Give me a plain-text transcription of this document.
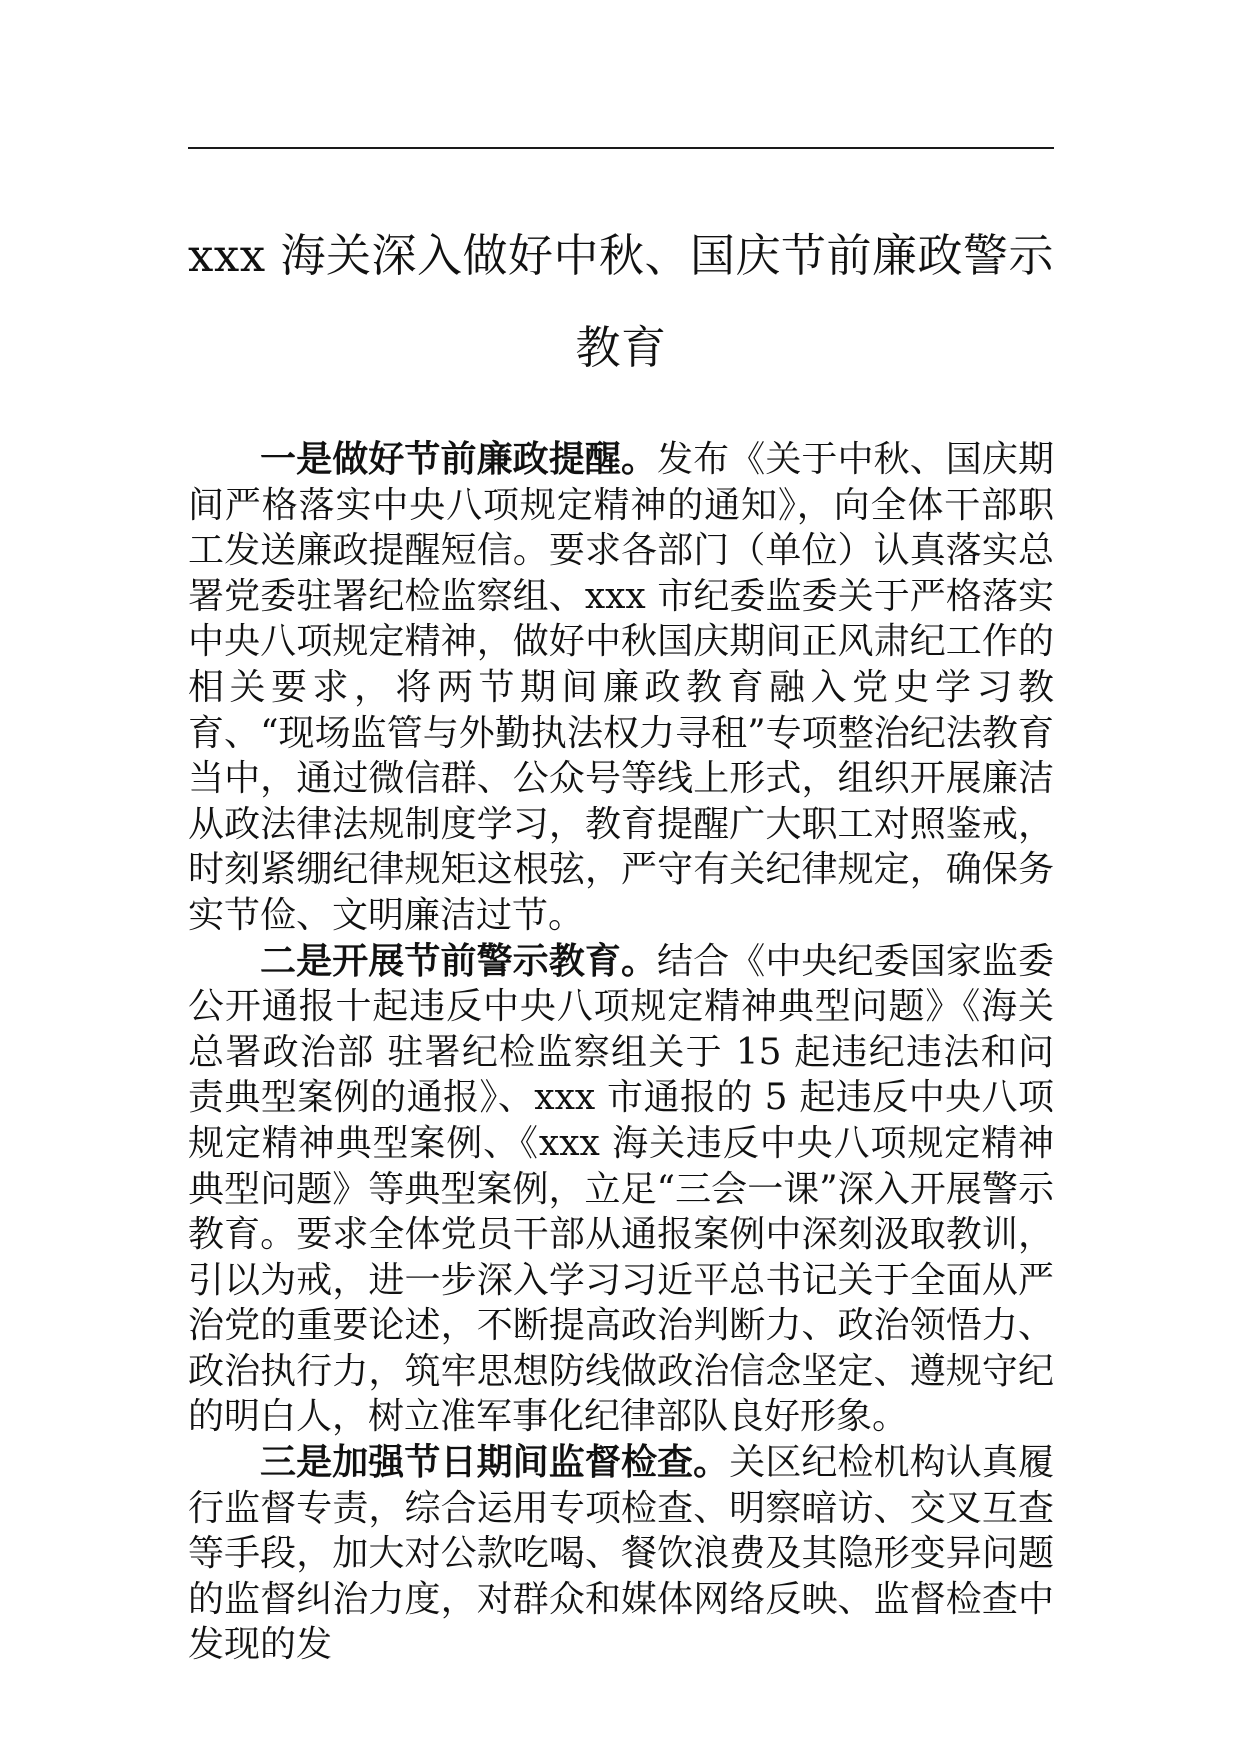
xxx 海关深入做好中秋、国庆节前廉政警示教育

一是做好节前廉政提醒。发布《关于中秋、国庆期间严格落实中央八项规定精神的通知》，向全体干部职工发送廉政提醒短信。要求各部门（单位）认真落实总署党委驻署纪检监察组、xxx 市纪委监委关于严格落实中央八项规定精神，做好中秋国庆期间正风肃纪工作的相关要求，将两节期间廉政教育融入党史学习教育、“现场监管与外勤执法权力寻租”专项整治纪法教育当中，通过微信群、公众号等线上形式，组织开展廉洁从政法律法规制度学习，教育提醒广大职工对照鉴戒，时刻紧绷纪律规矩这根弦，严守有关纪律规定，确保务实节俭、文明廉洁过节。

二是开展节前警示教育。结合《中央纪委国家监委公开通报十起违反中央八项规定精神典型问题》《海关总署政治部 驻署纪检监察组关于 15 起违纪违法和问责典型案例的通报》、xxx 市通报的 5 起违反中央八项规定精神典型案例、《xxx 海关违反中央八项规定精神典型问题》等典型案例，立足“三会一课”深入开展警示教育。要求全体党员干部从通报案例中深刻汲取教训，引以为戒，进一步深入学习习近平总书记关于全面从严治党的重要论述，不断提高政治判断力、政治领悟力、政治执行力，筑牢思想防线做政治信念坚定、遵规守纪的明白人，树立准军事化纪律部队良好形象。

三是加强节日期间监督检查。关区纪检机构认真履行监督专责，综合运用专项检查、明察暗访、交叉互查等手段，加大对公款吃喝、餐饮浪费及其隐形变异问题的监督纠治力度，对群众和媒体网络反映、监督检查中发现的发
